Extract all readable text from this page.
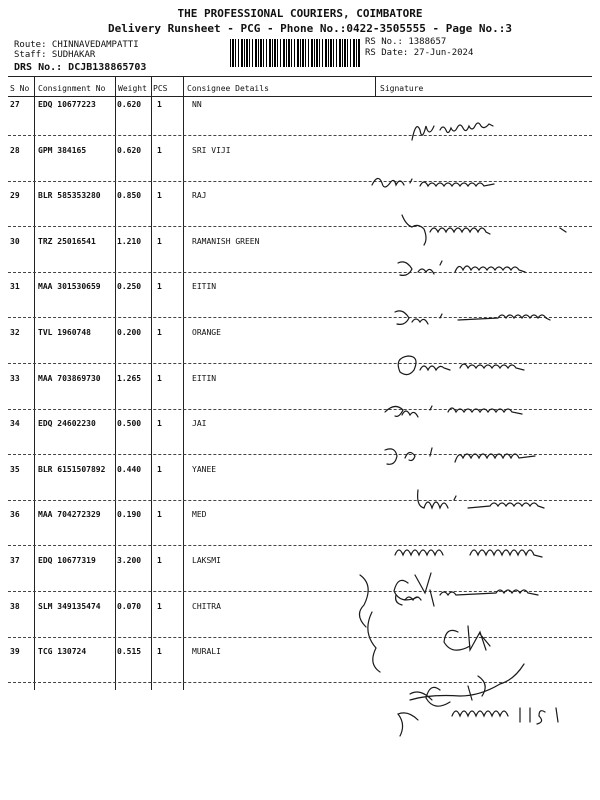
THE PROFESSIONAL COURIERS, COIMBATORE
Delivery Runsheet - PCG - Phone No.:0422-3505555 - Page No.:3
Route: CHINNAVEDAMPATTI
Staff: SUDHAKAR
DRS No.: DCJB138865703
RS No.: 1388657
RS Date: 27-Jun-2024
S No Consignment No Weight PCS Consignee Details	Signature
27 EDQ 10677223	0.620 1	NN
28 GPM 384165	0.620 1	SRI VIJI
29 BLR 585353280 0.850 1	RAJ
30 TRZ 25016541	1.210 1	RAMANISH GREEN
31 MAA 301530659 0.250 1	EITIN
32 TVL 1960748	0.200 1	ORANGE
33 MAA 703869730 1.265 1	EITIN
34 EDQ 24602230	0.500 1	JAI
35 BLR 6151507892 0.440 1	YANEE
36 MAA 704272329 0.190 1	MED
37 EDQ 10677319	3.200 1	LAKSMI
38 SLM 349135474 0.070 1	CHITRA
39 TCG 130724	0.515 1	MURALI
